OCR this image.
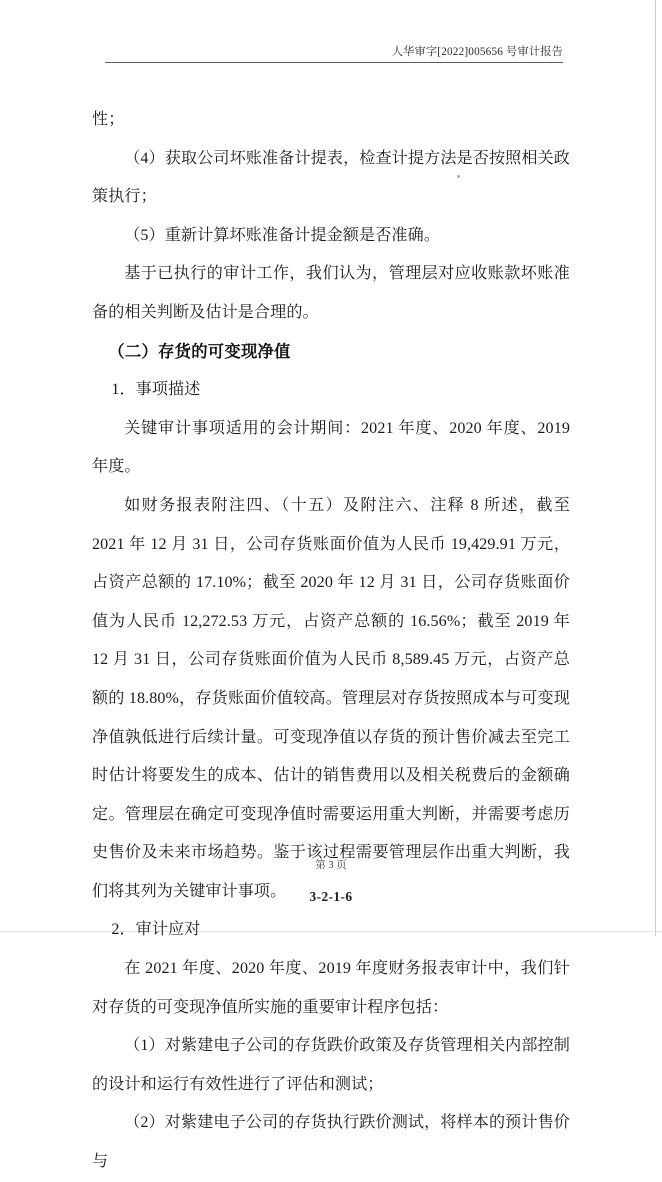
人华审字[2022]005656 号审计报告

性；

（4）获取公司坏账准备计提表，检查计提方法是否按照相关政策执行；

（5）重新计算坏账准备计提金额是否准确。

基于已执行的审计工作，我们认为，管理层对应收账款坏账准备的相关判断及估计是合理的。

（二）存货的可变现净值

1．事项描述

关键审计事项适用的会计期间：2021 年度、2020 年度、2019 年度。

如财务报表附注四、（十五）及附注六、注释 8 所述，截至 2021 年 12 月 31 日，公司存货账面价值为人民币 19,429.91 万元，占资产总额的 17.10%；截至 2020 年 12 月 31 日，公司存货账面价值为人民币 12,272.53 万元，占资产总额的 16.56%；截至 2019 年 12 月 31 日，公司存货账面价值为人民币 8,589.45 万元，占资产总额的 18.80%，存货账面价值较高。管理层对存货按照成本与可变现净值孰低进行后续计量。可变现净值以存货的预计售价减去至完工时估计将要发生的成本、估计的销售费用以及相关税费后的金额确定。管理层在确定可变现净值时需要运用重大判断，并需要考虑历史售价及未来市场趋势。鉴于该过程需要管理层作出重大判断，我们将其列为关键审计事项。

2．审计应对

在 2021 年度、2020 年度、2019 年度财务报表审计中，我们针对存货的可变现净值所实施的重要审计程序包括：

（1）对紫建电子公司的存货跌价政策及存货管理相关内部控制的设计和运行有效性进行了评估和测试；

（2）对紫建电子公司的存货执行跌价测试，将样本的预计售价与

第 3 页
3-2-1-6
